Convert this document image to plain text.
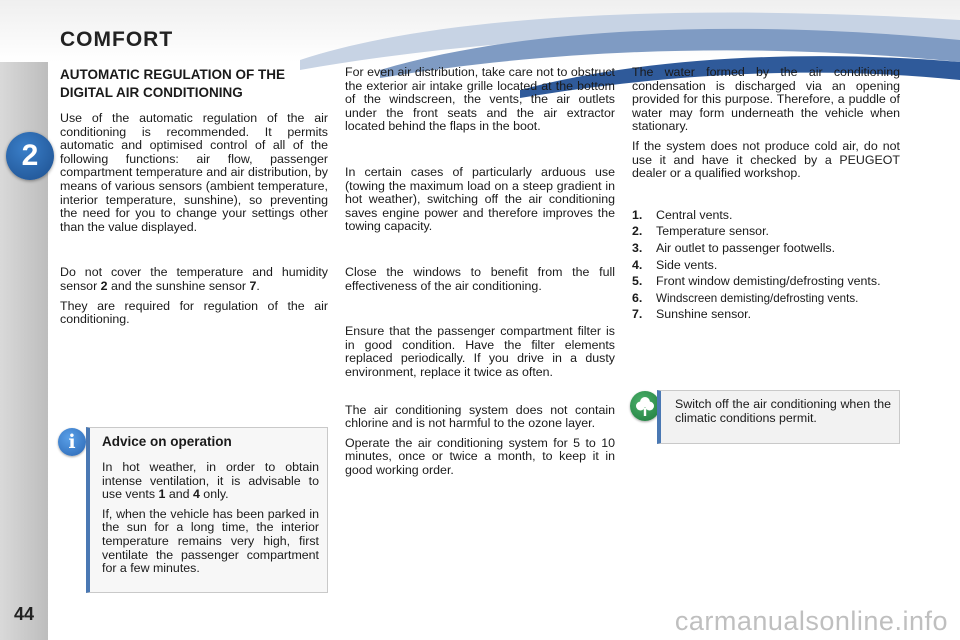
COMFORT
2
44
AUTOMATIC REGULATION OF THE DIGITAL AIR CONDITIONING

Use of the automatic regulation of the air conditioning is recommended. It permits automatic and optimised control of all of the following functions: air flow, passenger compartment temperature and air distribution, by means of various sensors (ambient temperature, interior temperature, sunshine), so preventing the need for you to change your settings other than the value displayed.

Do not cover the temperature and humidity sensor 2 and the sunshine sensor 7.

They are required for regulation of the air conditioning.

i	Advice on operation

In hot weather, in order to obtain intense ventilation, it is advisable to use vents 1 and 4 only.

If, when the vehicle has been parked in the sun for a long time, the interior temperature remains very high, first ventilate the passenger compartment for a few minutes.

For even air distribution, take care not to obstruct the exterior air intake grille located at the bottom of the windscreen, the vents, the air outlets under the front seats and the air extractor located behind the flaps in the boot.

In certain cases of particularly arduous use (towing the maximum load on a steep gradient in hot weather), switching off the air conditioning saves engine power and therefore improves the towing capacity.

Close the windows to benefit from the full effectiveness of the air conditioning.

Ensure that the passenger compartment filter is in good condition. Have the filter elements replaced periodically. If you drive in a dusty environment, replace it twice as often.

The air conditioning system does not contain chlorine and is not harmful to the ozone layer.

Operate the air conditioning system for 5 to 10 minutes, once or twice a month, to keep it in good working order.

The water formed by the air conditioning condensation is discharged via an opening provided for this purpose. Therefore, a puddle of water may form underneath the vehicle when stationary.

If the system does not produce cold air, do not use it and have it checked by a PEUGEOT dealer or a qualified workshop.

1.	Central vents.
2.	Temperature sensor.
3.	Air outlet to passenger footwells.
4.	Side vents.
5.	Front window demisting/defrosting vents.
6.	Windscreen demisting/defrosting vents.
7.	Sunshine sensor.
Switch off the air conditioning when the climatic conditions permit.
carmanualsonline.info
